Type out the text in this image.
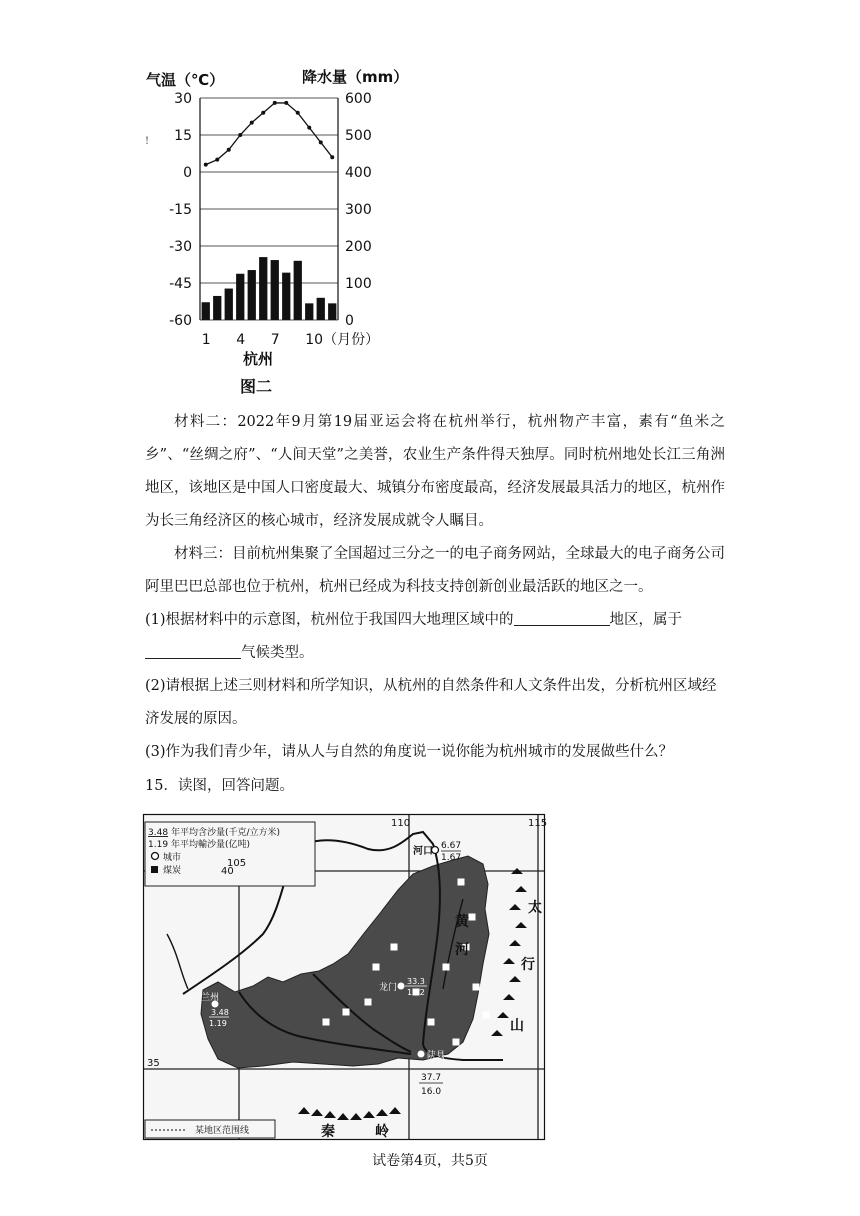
气温（℃）	降水量（mm）
30
15
0
-15
-30
-45
-60
600
500
400
300
200
100
0
1 4 7 10（月份）
杭州
图二
!
材料二：2022年9月第19届亚运会将在杭州举行，杭州物产丰富，素有“鱼米之乡”、“丝绸之府”、“人间天堂”之美誉，农业生产条件得天独厚。同时杭州地处长江三角洲地区，该地区是中国人口密度最大、城镇分布密度最高，经济发展最具活力的地区，杭州作为长三角经济区的核心城市，经济发展成就令人瞩目。
材料三：目前杭州集聚了全国超过三分之一的电子商务网站，全球最大的电子商务公司阿里巴巴总部也位于杭州，杭州已经成为科技支持创新创业最活跃的地区之一。
(1)根据材料中的示意图，杭州位于我国四大地理区域中的	地区，属于
气候类型。
(2)请根据上述三则材料和所学知识，从杭州的自然条件和人文条件出发，分析杭州区域经济发展的原因。
(3)作为我们青少年，请从人与自然的角度说一说你能为杭州城市的发展做些什么？
15．读图，回答问题。
3.48 年平均含沙量(千克/立方米)
1.19 年平均輸沙量(亿吨)
城市
煤炭
某地区范围线
110	115
105
40
35
河口 6.67
1.67
兰州
3.48
1.19
龙门
33.3
11.2
陕县
37.7
16.0
黄
河
太
行
山
秦	岭
试卷第4页，共5页
